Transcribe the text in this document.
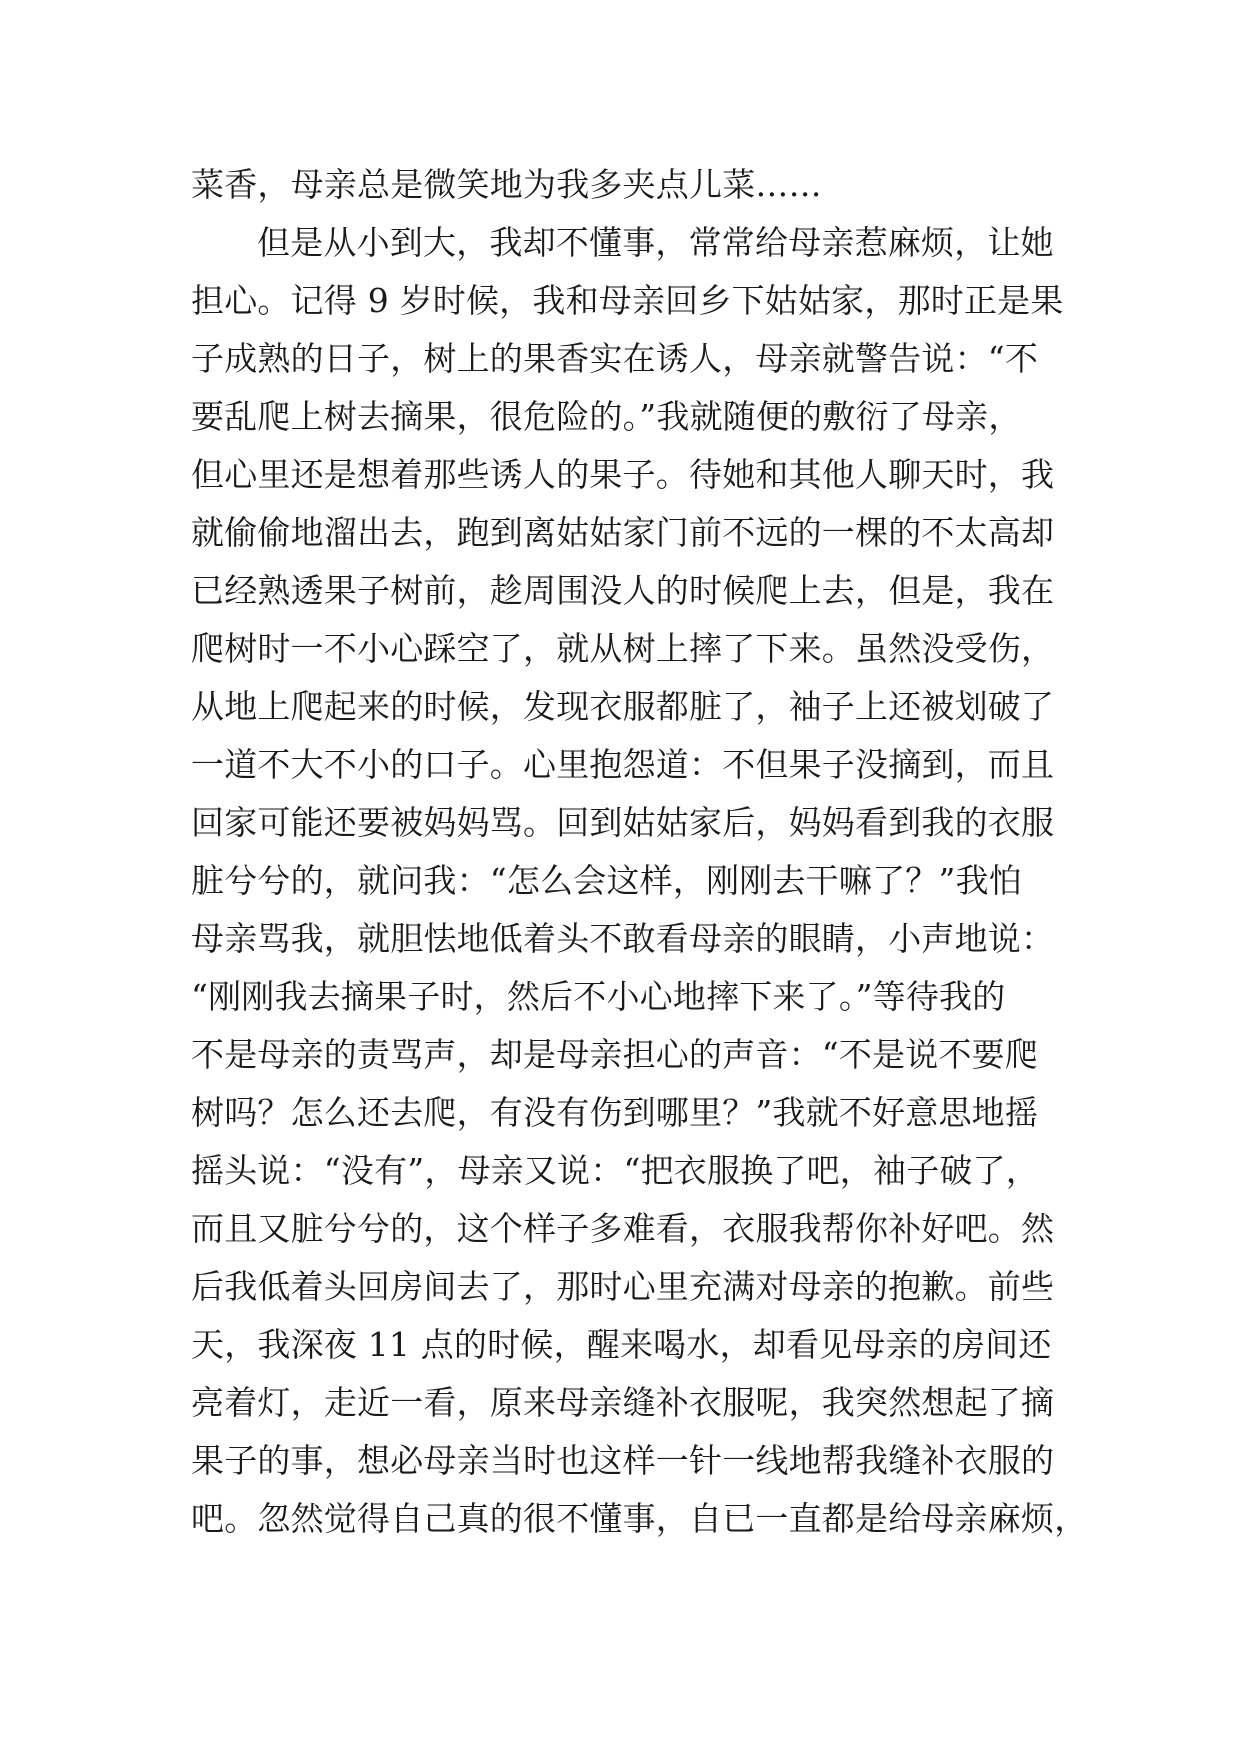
菜香，母亲总是微笑地为我多夹点儿菜……
但是从小到大，我却不懂事，常常给母亲惹麻烦，让她
担心。记得 9 岁时候，我和母亲回乡下姑姑家，那时正是果
子成熟的日子，树上的果香实在诱人，母亲就警告说：“不
要乱爬上树去摘果，很危险的。”我就随便的敷衍了母亲，
但心里还是想着那些诱人的果子。待她和其他人聊天时，我
就偷偷地溜出去，跑到离姑姑家门前不远的一棵的不太高却
已经熟透果子树前，趁周围没人的时候爬上去，但是，我在
爬树时一不小心踩空了，就从树上摔了下来。虽然没受伤，
从地上爬起来的时候，发现衣服都脏了，袖子上还被划破了
一道不大不小的口子。心里抱怨道：不但果子没摘到，而且
回家可能还要被妈妈骂。回到姑姑家后，妈妈看到我的衣服
脏兮兮的，就问我：“怎么会这样，刚刚去干嘛了？”我怕
母亲骂我，就胆怯地低着头不敢看母亲的眼睛，小声地说：
“刚刚我去摘果子时，然后不小心地摔下来了。”等待我的
不是母亲的责骂声，却是母亲担心的声音：“不是说不要爬
树吗？怎么还去爬，有没有伤到哪里？”我就不好意思地摇
摇头说：“没有”，母亲又说：“把衣服换了吧，袖子破了，
而且又脏兮兮的，这个样子多难看，衣服我帮你补好吧。然
后我低着头回房间去了，那时心里充满对母亲的抱歉。前些
天，我深夜 11 点的时候，醒来喝水，却看见母亲的房间还
亮着灯，走近一看，原来母亲缝补衣服呢，我突然想起了摘
果子的事，想必母亲当时也这样一针一线地帮我缝补衣服的
吧。忽然觉得自己真的很不懂事，自已一直都是给母亲麻烦，
